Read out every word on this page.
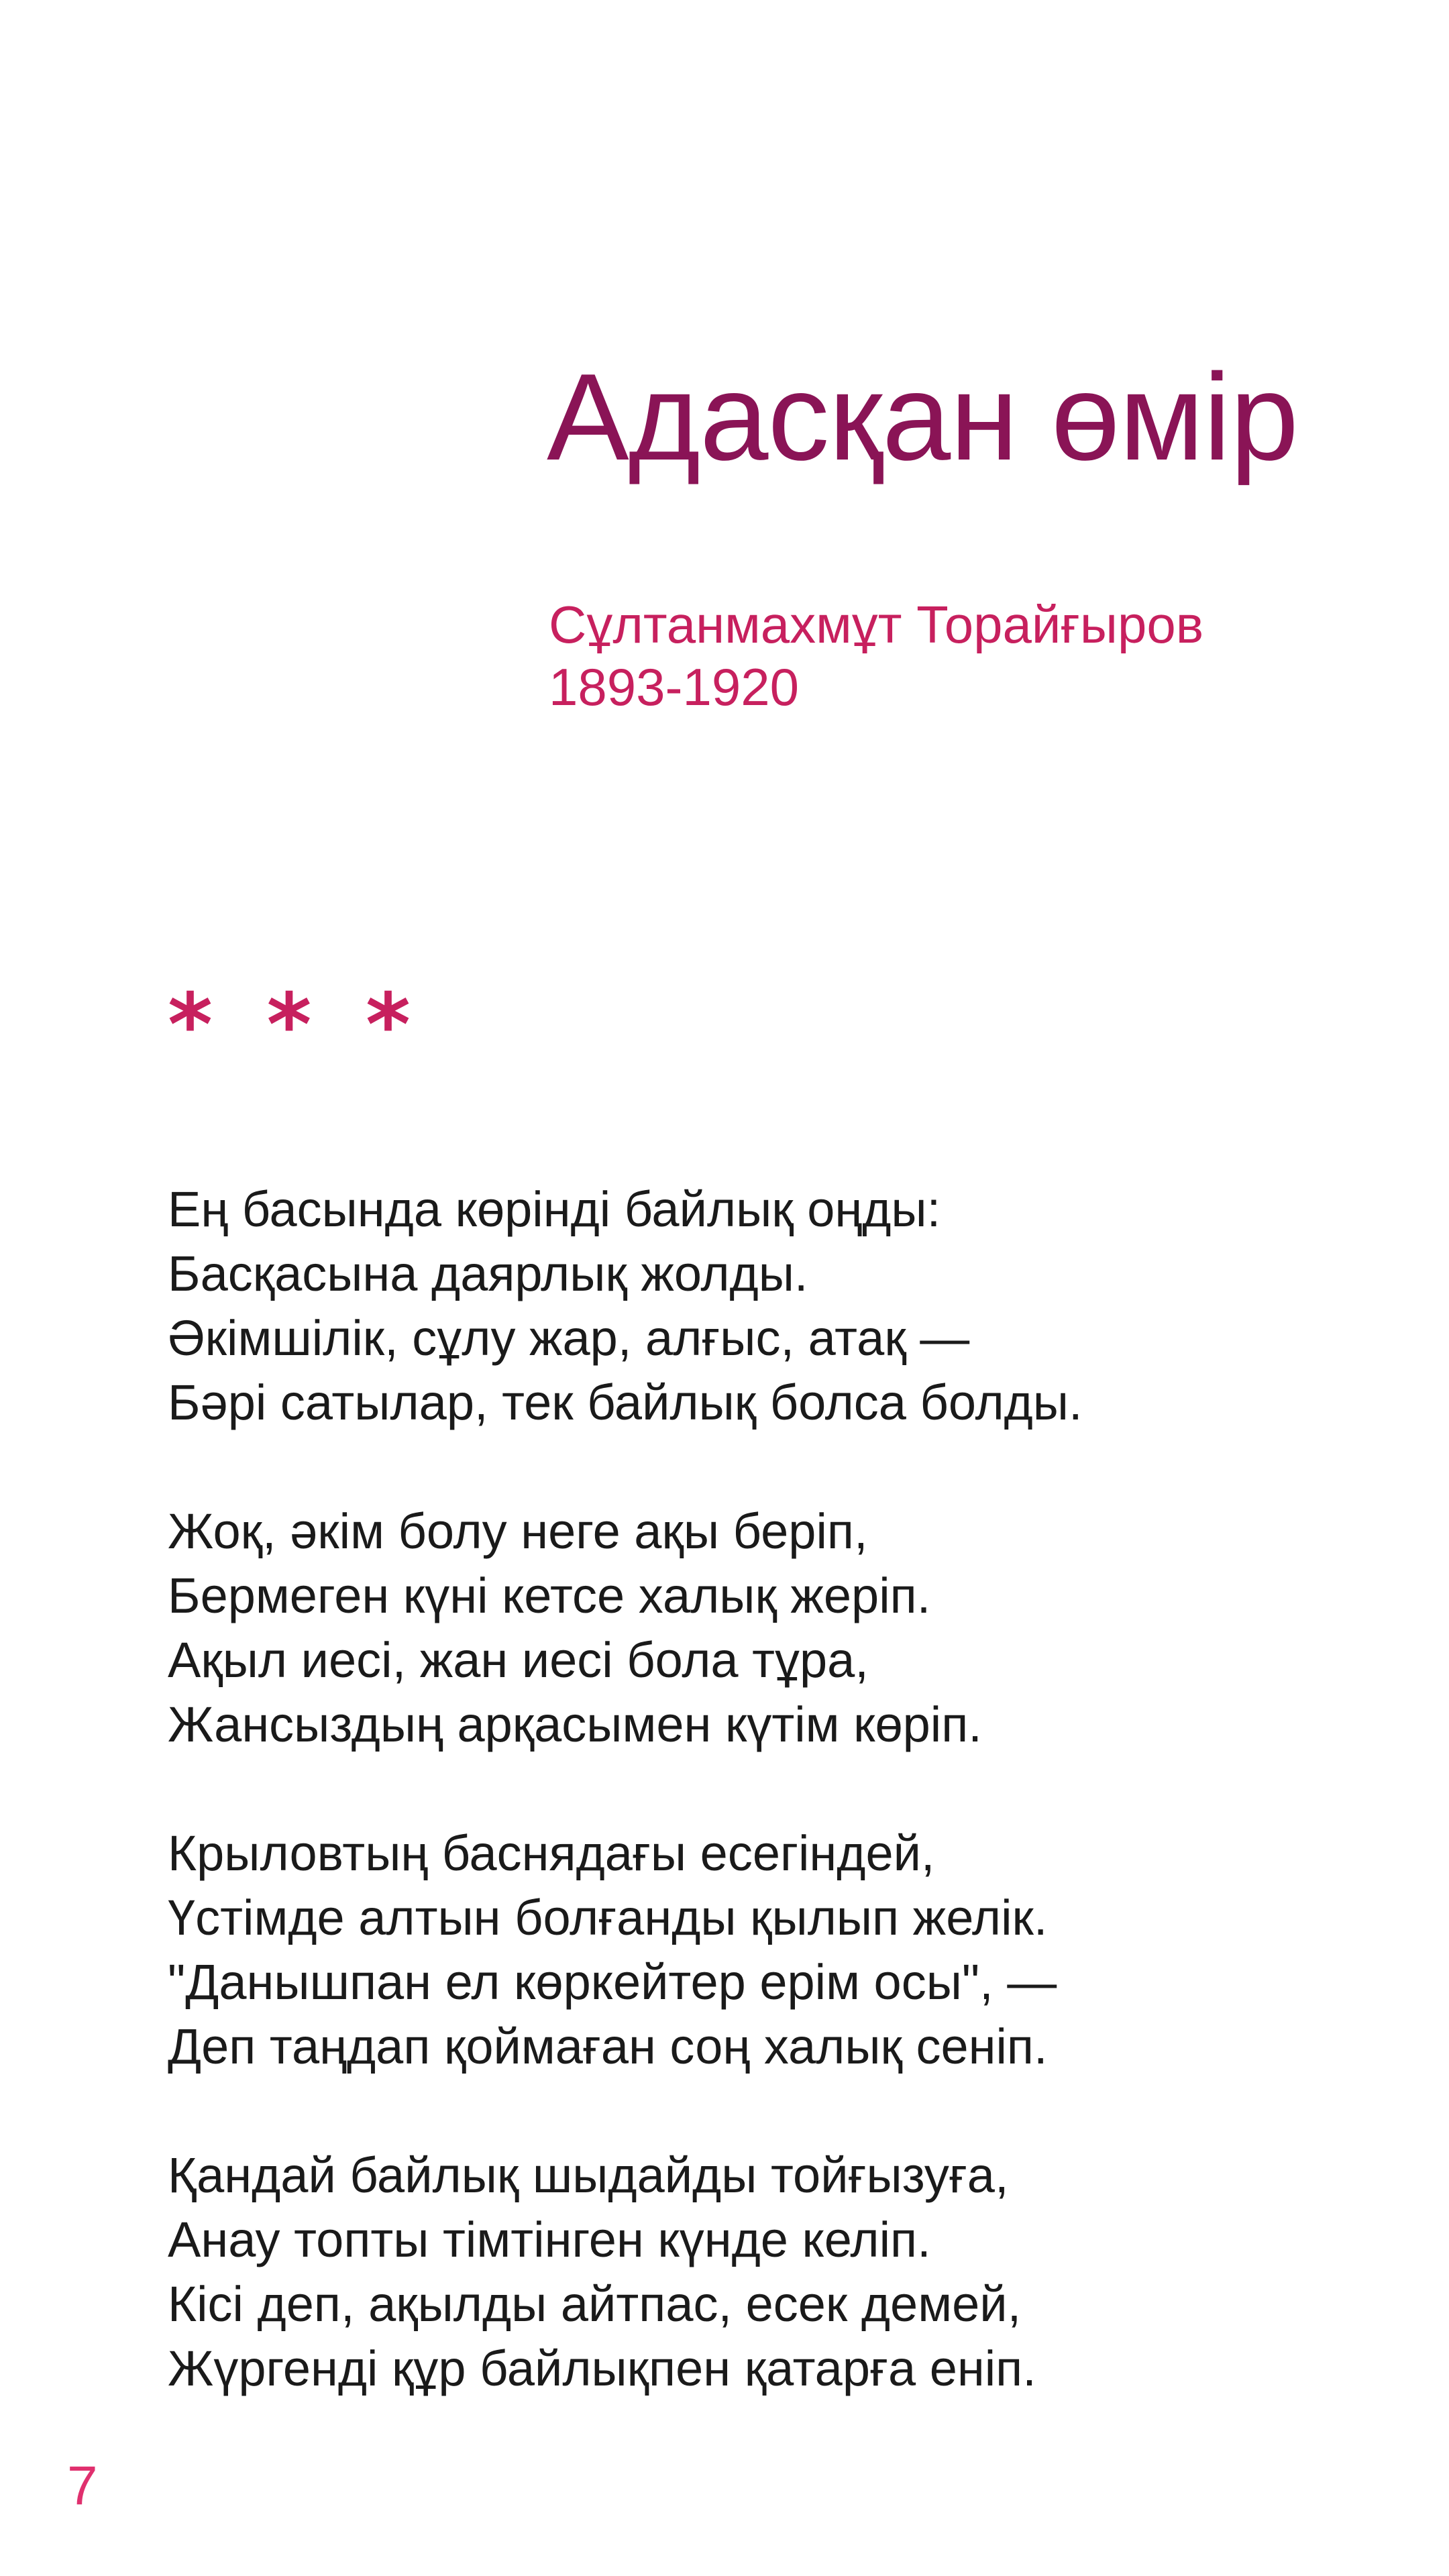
Адасқан өмір
Сұлтанмахмұт Торайғыров
1893-1920
* * *
Ең басында көрінді байлық оңды:
Басқасына даярлық жолды.
Әкімшілік, сұлу жар, алғыс, атақ —
Бәрі сатылар, тек байлық болса болды.
Жоқ, әкім болу неге ақы беріп,
Бермеген күні кетсе халық жеріп.
Ақыл иесі, жан иесі бола тұра,
Жансыздың арқасымен күтім көріп.
Крыловтың баснядағы есегіндей,
Үстімде алтын болғанды қылып желік.
"Данышпан ел көркейтер ерім осы", —
Деп таңдап қоймаған соң халық сеніп.
Қандай байлық шыдайды тойғызуға,
Анау топты тімтінген күнде келіп.
Кісі деп, ақылды айтпас, есек демей,
Жүргенді құр байлықпен қатарға еніп.
7
